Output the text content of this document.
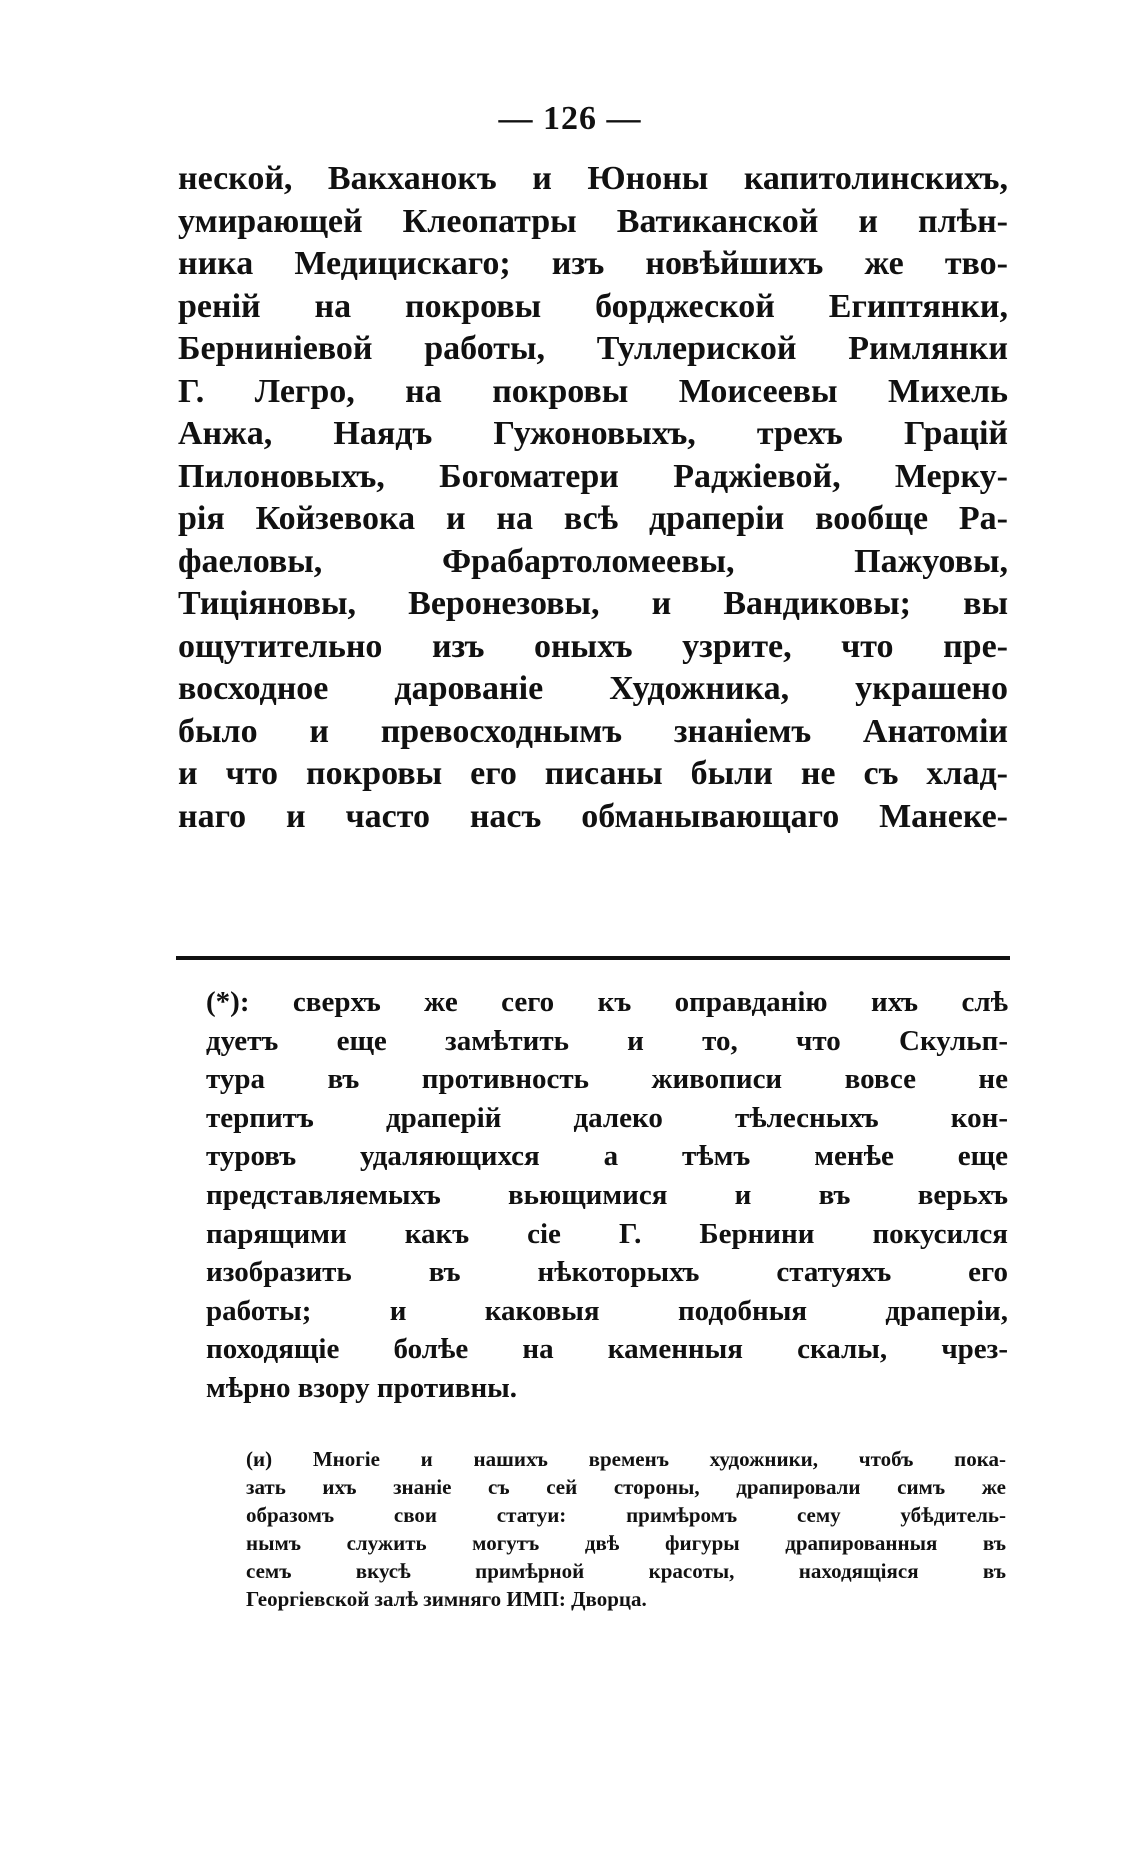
— 126 —
неской, Вакханокъ и Юноны капитолинскихъ,
умирающей Клеопатры Ватиканской и плѣн-
ника Медицискаго; изъ новѣйшихъ же тво-
реній на покровы борджеской Египтянки,
Берниніевой работы, Туллериской Римлянки
Г. Легро, на покровы Моисеевы Михель
Анжа, Наядъ Гужоновыхъ, трехъ Грацій
Пилоновыхъ, Богоматери Раджіевой, Мерку-
рія Койзевока и на всѣ драперіи вообще Ра-
фаеловы, Фрабартоломеевы, Пажуовы,
Тиціяновы, Веронезовы, и Вандиковы; вы
ощутительно изъ оныхъ узрите, что пре-
восходное дарованіе Художника, украшено
было и превосходнымъ знаніемъ Анатоміи
и что покровы его писаны были не съ хлад-
наго и часто насъ обманывающаго Манеке-
(*): сверхъ же сего къ оправданію ихъ слѣ
дуетъ еще замѣтить и то, что Скульп-
тура въ противность живописи вовсе не
терпитъ драперій далеко тѣлесныхъ кон-
туровъ удаляющихся а тѣмъ менѣе еще
представляемыхъ вьющимися и въ верьхъ
парящими какъ сіе Г. Бернини покусился
изобразить въ нѣкоторыхъ статуяхъ его
работы; и каковыя подобныя драперіи,
походящіе болѣе на каменныя скалы, чрез-
мѣрно взору противны.
(и) Многіе и нашихъ временъ художники, чтобъ пока-
зать ихъ знаніе съ сей стороны, драпировали симъ же
образомъ свои статуи: примѣромъ сему убѣдитель-
нымъ служить могутъ двѣ фигуры драпированныя въ
семъ вкусѣ примѣрной красоты, находящіяся въ
Георгіевской залѣ зимняго ИМП: Дворца.
